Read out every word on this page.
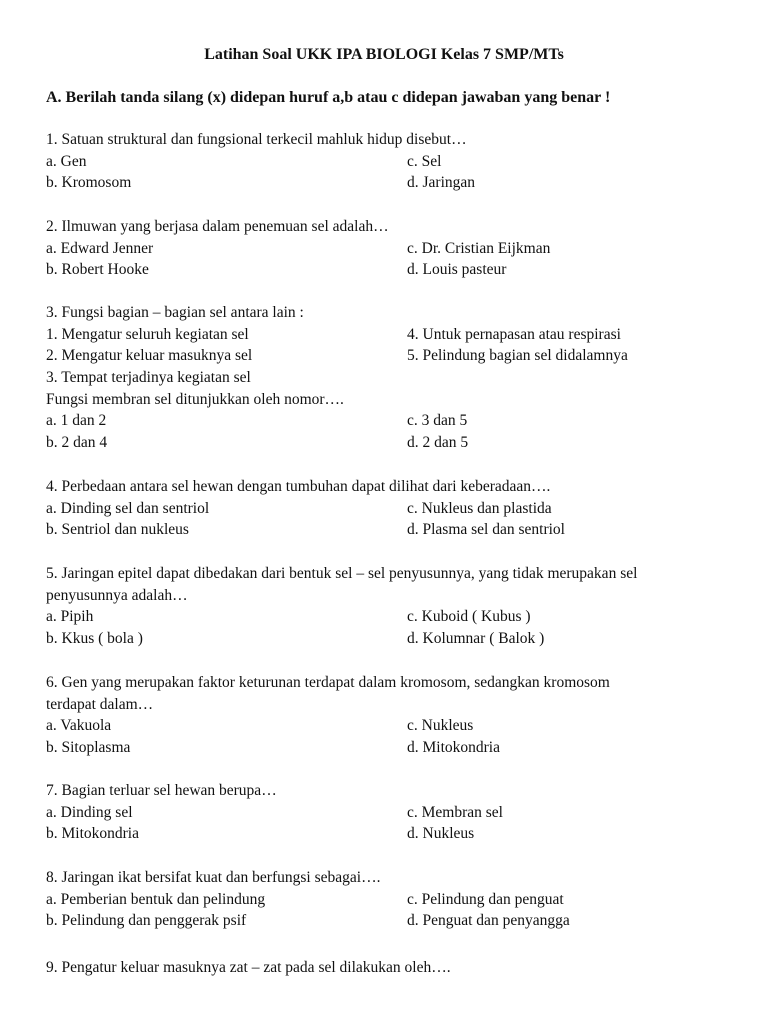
Latihan Soal UKK IPA BIOLOGI Kelas 7 SMP/MTs
A. Berilah tanda silang (x) didepan huruf a,b atau c didepan jawaban yang benar !
1. Satuan struktural dan fungsional terkecil mahluk hidup disebut…
a. Gen	c. Sel
b. Kromosom	d. Jaringan
2. Ilmuwan yang berjasa dalam penemuan sel adalah…
a. Edward Jenner	c. Dr. Cristian Eijkman
b. Robert Hooke	d. Louis pasteur
3. Fungsi bagian – bagian sel antara lain :
1. Mengatur seluruh kegiatan sel	4. Untuk pernapasan atau respirasi
2. Mengatur keluar masuknya sel	5. Pelindung bagian sel didalamnya
3. Tempat terjadinya kegiatan sel
Fungsi membran sel ditunjukkan oleh nomor….
a. 1 dan 2	c. 3 dan 5
b. 2 dan 4	d. 2 dan 5
4. Perbedaan antara sel hewan dengan tumbuhan dapat dilihat dari keberadaan….
a. Dinding sel dan sentriol	c. Nukleus dan plastida
b. Sentriol dan nukleus	d. Plasma sel dan sentriol
5. Jaringan epitel dapat dibedakan dari bentuk sel – sel penyusunnya, yang tidak merupakan sel
penyusunnya adalah…
a. Pipih	c. Kuboid ( Kubus )
b. Kkus ( bola )	d. Kolumnar ( Balok )
6. Gen yang merupakan faktor keturunan terdapat dalam kromosom, sedangkan kromosom
terdapat dalam…
a. Vakuola	c. Nukleus
b. Sitoplasma	d. Mitokondria
7. Bagian terluar sel hewan berupa…
a. Dinding sel	c. Membran sel
b. Mitokondria	d. Nukleus
8. Jaringan ikat bersifat kuat dan berfungsi sebagai….
a. Pemberian bentuk dan pelindung	c. Pelindung dan penguat
b. Pelindung dan penggerak psif	d. Penguat dan penyangga
9. Pengatur keluar masuknya zat – zat pada sel dilakukan oleh….
